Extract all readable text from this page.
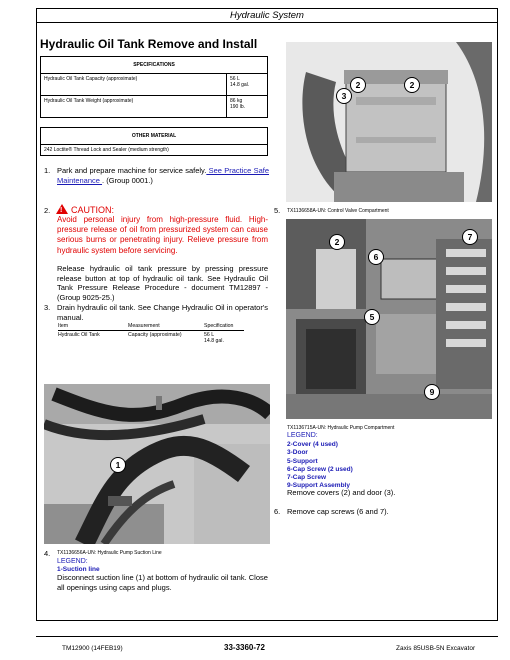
Hydraulic System
Hydraulic Oil Tank Remove and Install
SPECIFICATIONS	
Hydraulic Oil Tank Capacity (approximate)	56 L
14.8 gal.

Hydraulic Oil Tank Weight (approximate)	86 kg
190 lb.
OTHER MATERIAL
242 Loctite® Thread Lock and Sealer (medium strength)
1. Park and prepare machine for service safely. See Practice Safe Maintenance . (Group 0001.)
2. ! CAUTION:
Avoid personal injury from high-pressure fluid. High-pressure release of oil from pressurized system can cause serious burns or penetrating injury. Relieve pressure from hydraulic system before servicing.
Release hydraulic oil tank pressure by pressing pressure release button at top of hydraulic oil tank. See Hydraulic Oil Tank Pressure Release Procedure - document TM12897 - (Group 9025-25.)
3. Drain hydraulic oil tank. See Change Hydraulic Oil in operator's manual.
Item	Measurement	Specification
Hydraulic Oil Tank	Capacity (approximate)	56 L
14.8 gal.
1
4. TX1136656A-UN: Hydraulic Pump Suction Line
LEGEND:
1-Suction line
Disconnect suction line (1) at bottom of hydraulic oil tank. Close all openings using caps and plugs.
2	2
3
5. TX1136658A-UN: Control Valve Compartment
2	7
6
5
9
TX1136715A-UN: Hydraulic Pump Compartment
LEGEND:
2-Cover (4 used)
3-Door
5-Support
6-Cap Screw (2 used)
7-Cap Screw
9-Support Assembly
Remove covers (2) and door (3).
6. Remove cap screws (6 and 7).
TM12900 (14FEB19)	33-3360-72	Zaxis 85USB-5N Excavator
